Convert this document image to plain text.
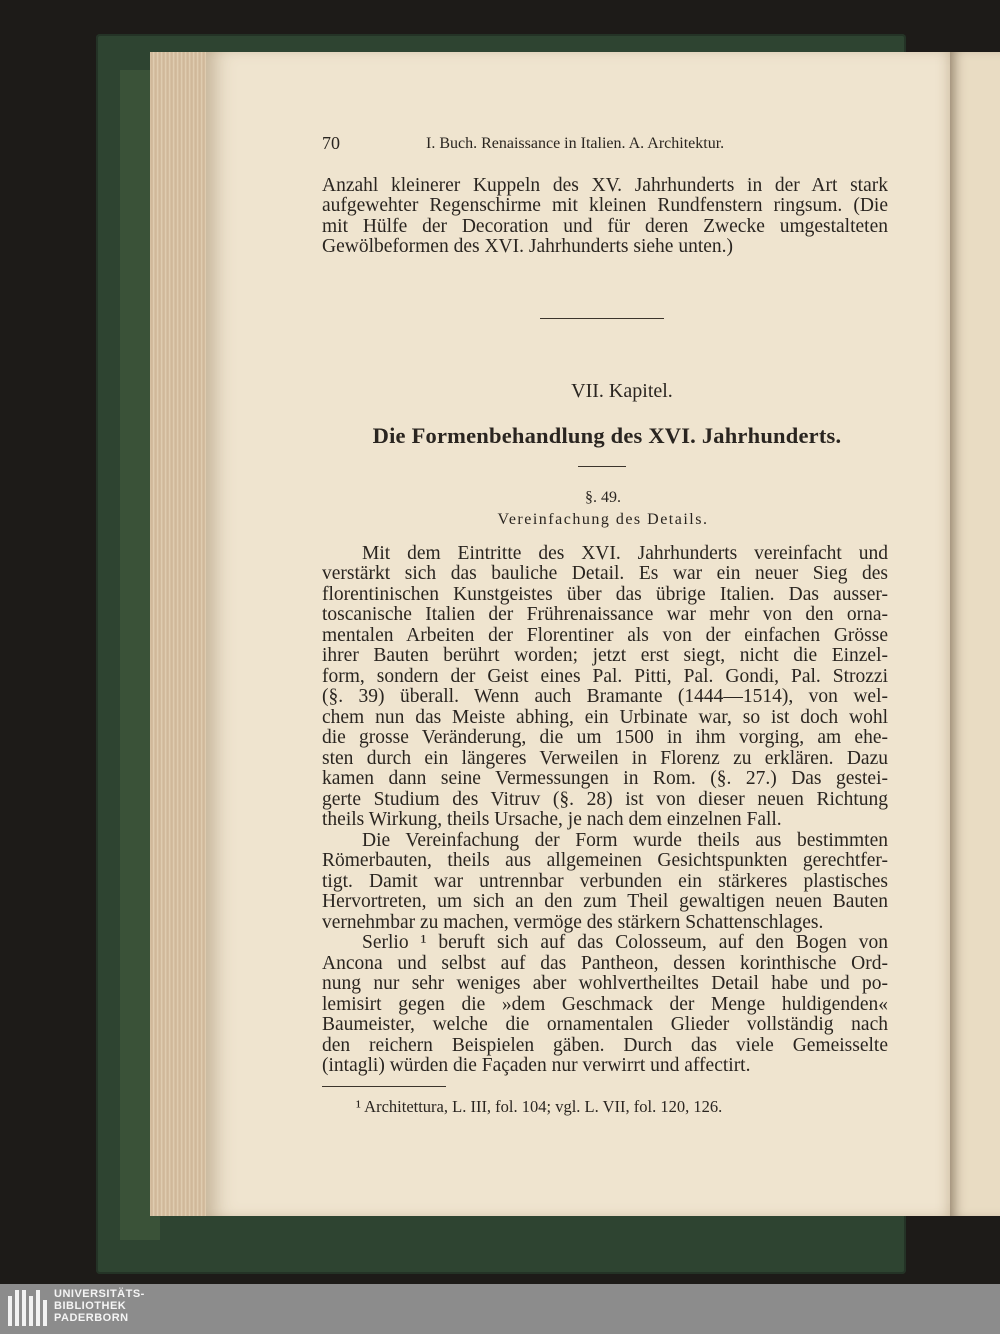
70	I. Buch. Renaissance in Italien. A. Architektur.
Anzahl kleinerer Kuppeln des XV. Jahrhunderts in der Art stark
aufgewehter Regenschirme mit kleinen Rundfenstern ringsum. (Die
mit Hülfe der Decoration und für deren Zwecke umgestalteten
Gewölbeformen des XVI. Jahrhunderts siehe unten.)
VII. Kapitel.
Die Formenbehandlung des XVI. Jahrhunderts.
§. 49.
Vereinfachung des Details.
Mit dem Eintritte des XVI. Jahrhunderts vereinfacht und
verstärkt sich das bauliche Detail. Es war ein neuer Sieg des
florentinischen Kunstgeistes über das übrige Italien. Das ausser-
toscanische Italien der Frührenaissance war mehr von den orna-
mentalen Arbeiten der Florentiner als von der einfachen Grösse
ihrer Bauten berührt worden; jetzt erst siegt, nicht die Einzel-
form, sondern der Geist eines Pal. Pitti, Pal. Gondi, Pal. Strozzi
(§. 39) überall. Wenn auch Bramante (1444—1514), von wel-
chem nun das Meiste abhing, ein Urbinate war, so ist doch wohl
die grosse Veränderung, die um 1500 in ihm vorging, am ehe-
sten durch ein längeres Verweilen in Florenz zu erklären. Dazu
kamen dann seine Vermessungen in Rom. (§. 27.) Das gestei-
gerte Studium des Vitruv (§. 28) ist von dieser neuen Richtung
theils Wirkung, theils Ursache, je nach dem einzelnen Fall.
Die Vereinfachung der Form wurde theils aus bestimmten
Römerbauten, theils aus allgemeinen Gesichtspunkten gerechtfer-
tigt. Damit war untrennbar verbunden ein stärkeres plastisches
Hervortreten, um sich an den zum Theil gewaltigen neuen Bauten
vernehmbar zu machen, vermöge des stärkern Schattenschlages.
Serlio ¹ beruft sich auf das Colosseum, auf den Bogen von
Ancona und selbst auf das Pantheon, dessen korinthische Ord-
nung nur sehr weniges aber wohlvertheiltes Detail habe und po-
lemisirt gegen die »dem Geschmack der Menge huldigenden«
Baumeister, welche die ornamentalen Glieder vollständig nach
den reichern Beispielen gäben. Durch das viele Gemeisselte
(intagli) würden die Façaden nur verwirrt und affectirt.
¹ Architettura, L. III, fol. 104; vgl. L. VII, fol. 120, 126.
UNIVERSITÄTS-
BIBLIOTHEK
PADERBORN
